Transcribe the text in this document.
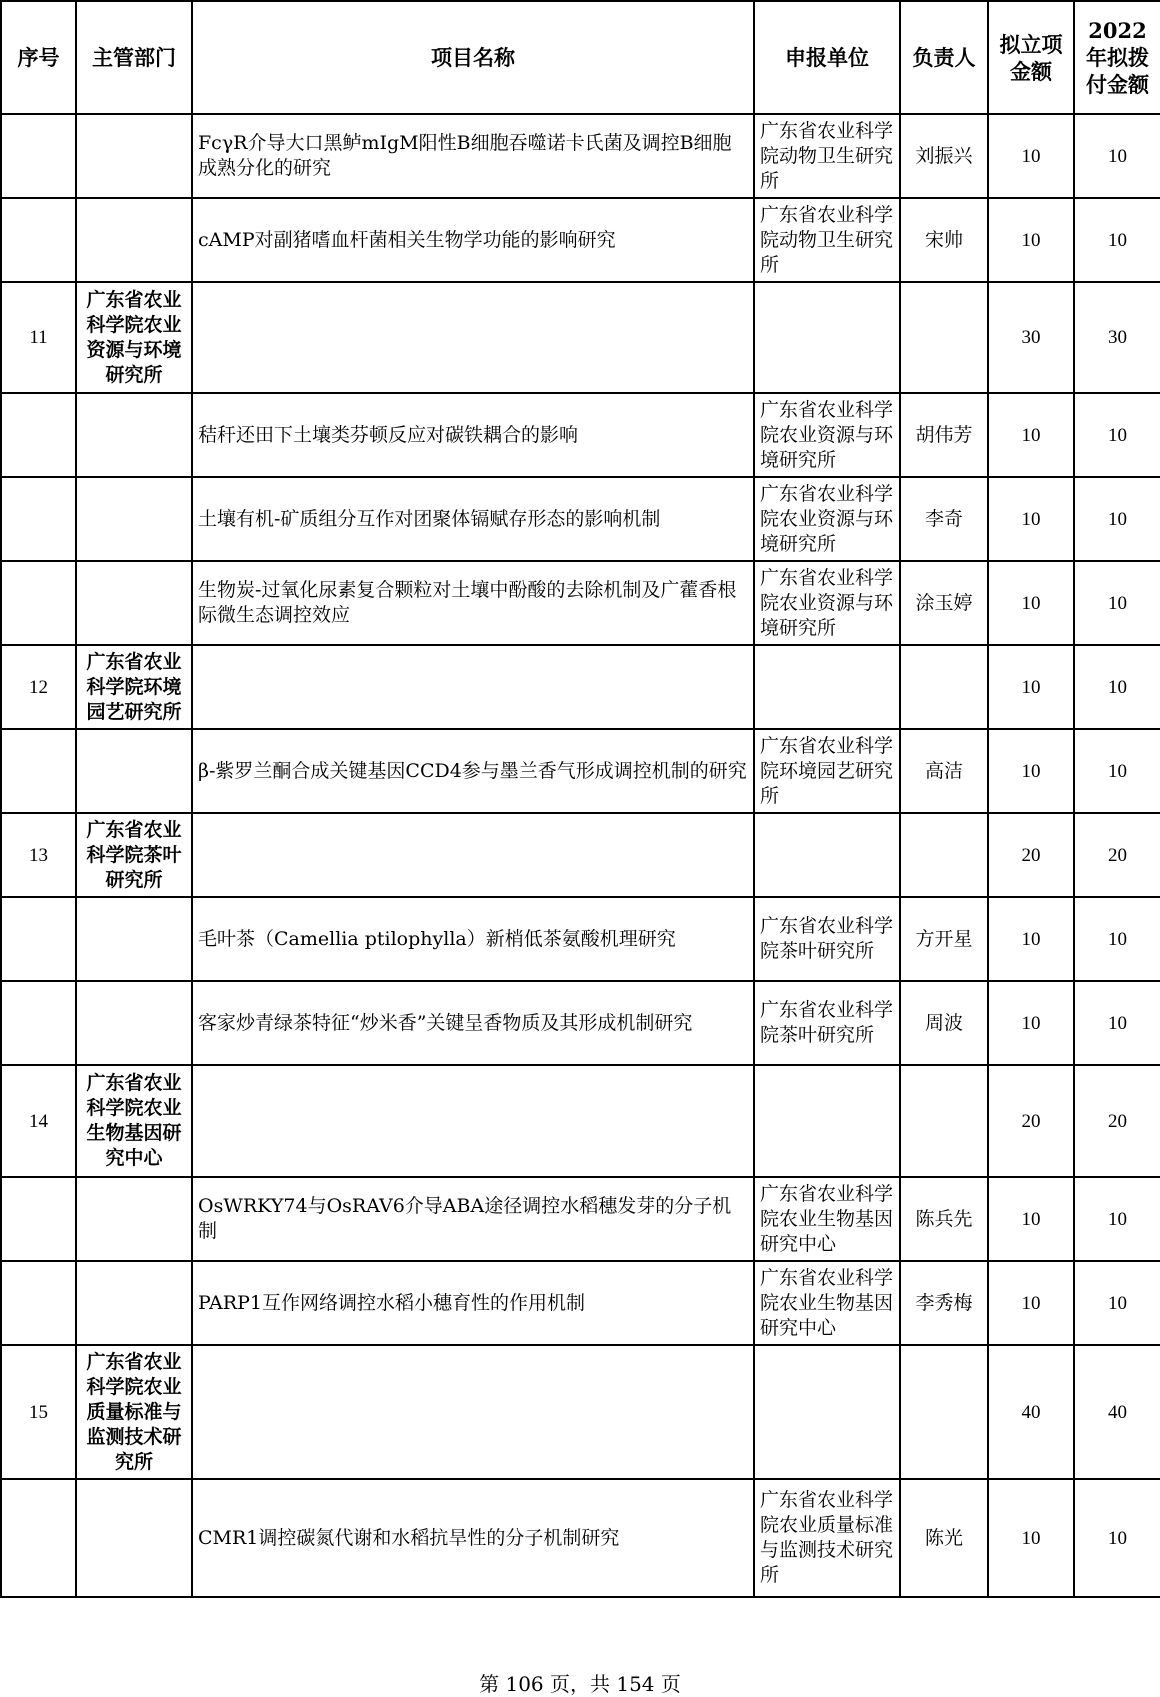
序号	主管部门	项目名称	申报单位	负责人	拟立项金额	2022年拟拨付金额
		FcγR介导大口黑鲈mIgM阳性B细胞吞噬诺卡氏菌及调控B细胞成熟分化的研究	广东省农业科学院动物卫生研究所	刘振兴	10	10
		cAMP对副猪嗜血杆菌相关生物学功能的影响研究	广东省农业科学院动物卫生研究所	宋帅	10	10
11	广东省农业科学院农业资源与环境研究所				30	30
		秸秆还田下土壤类芬顿反应对碳铁耦合的影响	广东省农业科学院农业资源与环境研究所	胡伟芳	10	10
		土壤有机-矿质组分互作对团聚体镉赋存形态的影响机制	广东省农业科学院农业资源与环境研究所	李奇	10	10
		生物炭-过氧化尿素复合颗粒对土壤中酚酸的去除机制及广藿香根际微生态调控效应	广东省农业科学院农业资源与环境研究所	涂玉婷	10	10
12	广东省农业科学院环境园艺研究所				10	10
		β-紫罗兰酮合成关键基因CCD4参与墨兰香气形成调控机制的研究	广东省农业科学院环境园艺研究所	高洁	10	10
13	广东省农业科学院茶叶研究所				20	20
		毛叶茶（Camellia ptilophylla）新梢低茶氨酸机理研究	广东省农业科学院茶叶研究所	方开星	10	10
		客家炒青绿茶特征“炒米香”关键呈香物质及其形成机制研究	广东省农业科学院茶叶研究所	周波	10	10
14	广东省农业科学院农业生物基因研究中心				20	20
		OsWRKY74与OsRAV6介导ABA途径调控水稻穗发芽的分子机制	广东省农业科学院农业生物基因研究中心	陈兵先	10	10
		PARP1互作网络调控水稻小穗育性的作用机制	广东省农业科学院农业生物基因研究中心	李秀梅	10	10
15	广东省农业科学院农业质量标准与监测技术研究所				40	40
		CMR1调控碳氮代谢和水稻抗旱性的分子机制研究	广东省农业科学院农业质量标准与监测技术研究所	陈光	10	10
第 106 页，共 154 页
